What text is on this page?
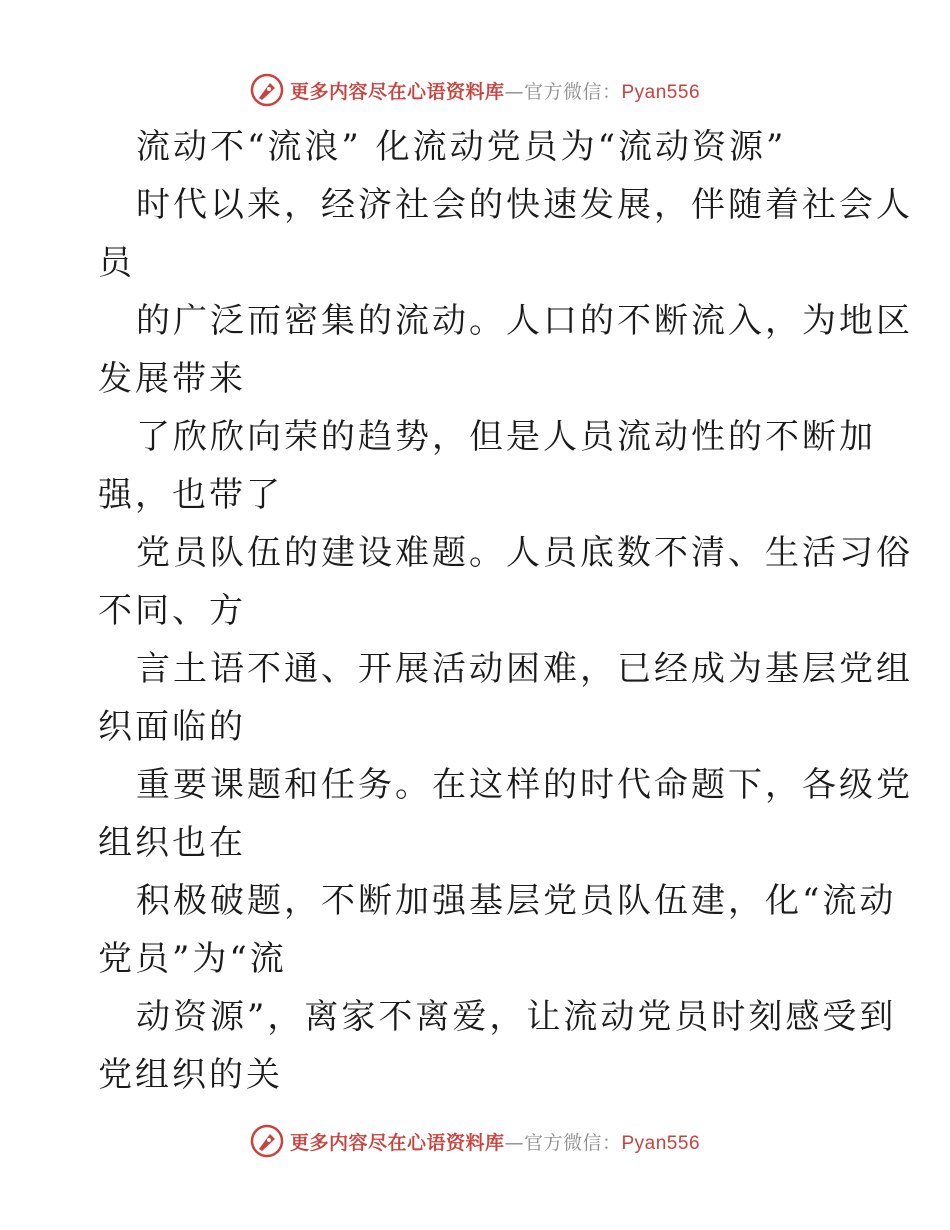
更多内容尽在心语资料库—官方微信：Pyan556
流动不“流浪” 化流动党员为“流动资源”
时代以来，经济社会的快速发展，伴随着社会人
员
的广泛而密集的流动。人口的不断流入，为地区
发展带来
了欣欣向荣的趋势，但是人员流动性的不断加
强，也带了
党员队伍的建设难题。人员底数不清、生活习俗
不同、方
言土语不通、开展活动困难，已经成为基层党组
织面临的
重要课题和任务。在这样的时代命题下，各级党
组织也在
积极破题，不断加强基层党员队伍建，化“流动
党员”为“流
动资源”，离家不离爱，让流动党员时刻感受到
党组织的关
更多内容尽在心语资料库—官方微信：Pyan556
